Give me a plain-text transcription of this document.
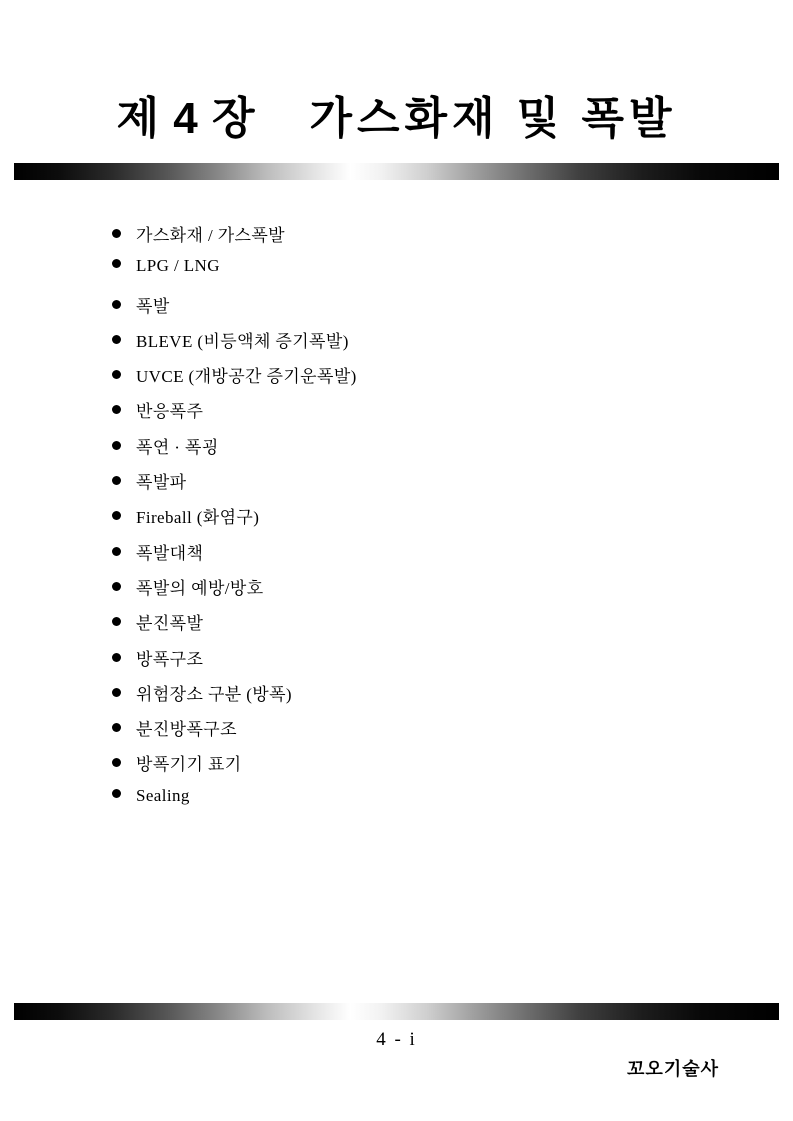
제 4 장 가스화재 및 폭발
가스화재 / 가스폭발
LPG / LNG
폭발
BLEVE (비등액체 증기폭발)
UVCE (개방공간 증기운폭발)
반응폭주
폭연 · 폭굉
폭발파
Fireball (화염구)
폭발대책
폭발의 예방/방호
분진폭발
방폭구조
위험장소 구분 (방폭)
분진방폭구조
방폭기기 표기
Sealing
4 - i
꼬오기술사
